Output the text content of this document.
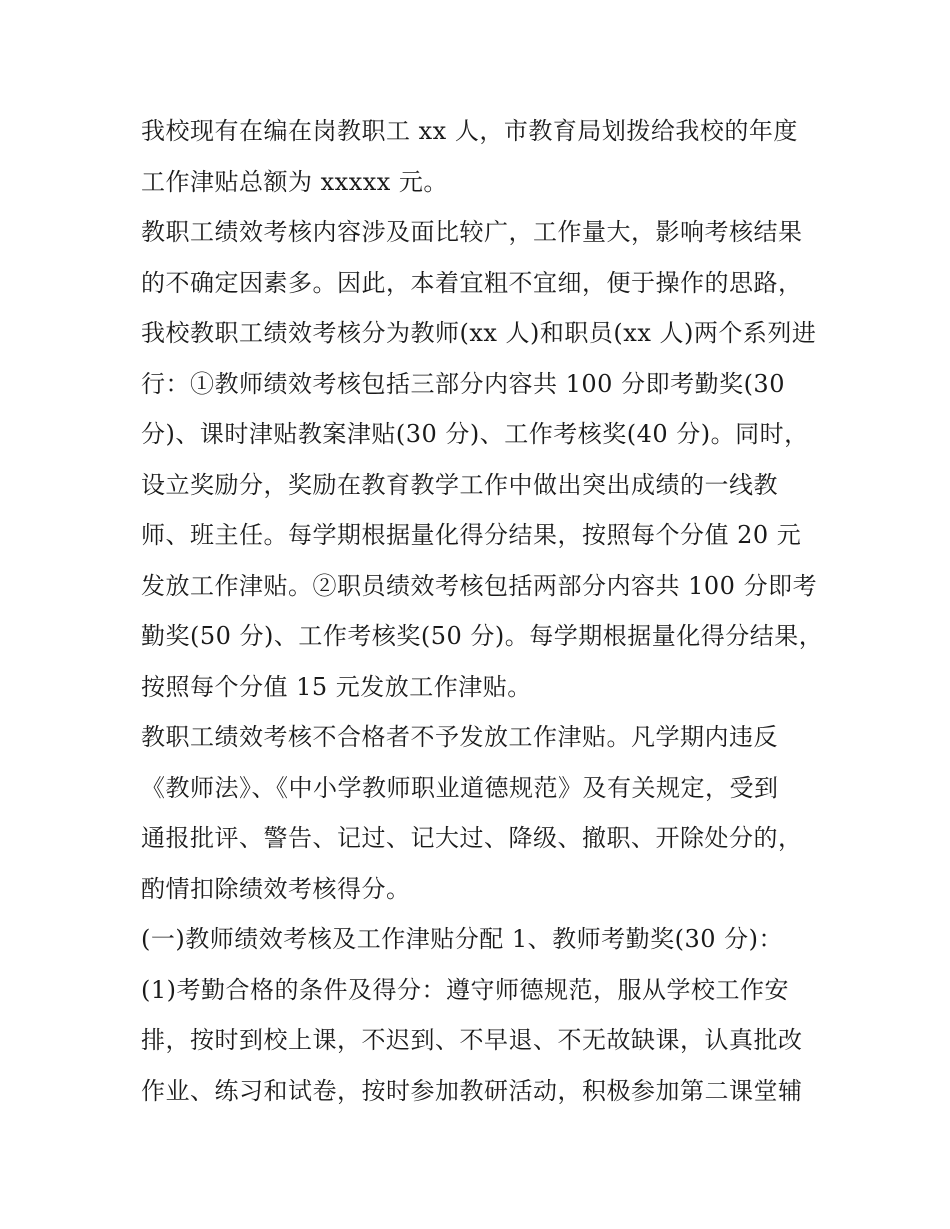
我校现有在编在岗教职工 xx 人，市教育局划拨给我校的年度
工作津贴总额为 xxxxx 元。

教职工绩效考核内容涉及面比较广，工作量大，影响考核结果
的不确定因素多。因此，本着宜粗不宜细，便于操作的思路，
我校教职工绩效考核分为教师(xx 人)和职员(xx 人)两个系列进
行：①教师绩效考核包括三部分内容共 100 分即考勤奖(30
分)、课时津贴教案津贴(30 分)、工作考核奖(40 分)。同时，
设立奖励分，奖励在教育教学工作中做出突出成绩的一线教
师、班主任。每学期根据量化得分结果，按照每个分值 20 元
发放工作津贴。②职员绩效考核包括两部分内容共 100 分即考
勤奖(50 分)、工作考核奖(50 分)。每学期根据量化得分结果，
按照每个分值 15 元发放工作津贴。

教职工绩效考核不合格者不予发放工作津贴。凡学期内违反
《教师法》、《中小学教师职业道德规范》及有关规定，受到
通报批评、警告、记过、记大过、降级、撤职、开除处分的，
酌情扣除绩效考核得分。

(一)教师绩效考核及工作津贴分配 1、教师考勤奖(30 分)：

(1)考勤合格的条件及得分：遵守师德规范，服从学校工作安
排，按时到校上课，不迟到、不早退、不无故缺课，认真批改
作业、练习和试卷，按时参加教研活动，积极参加第二课堂辅
